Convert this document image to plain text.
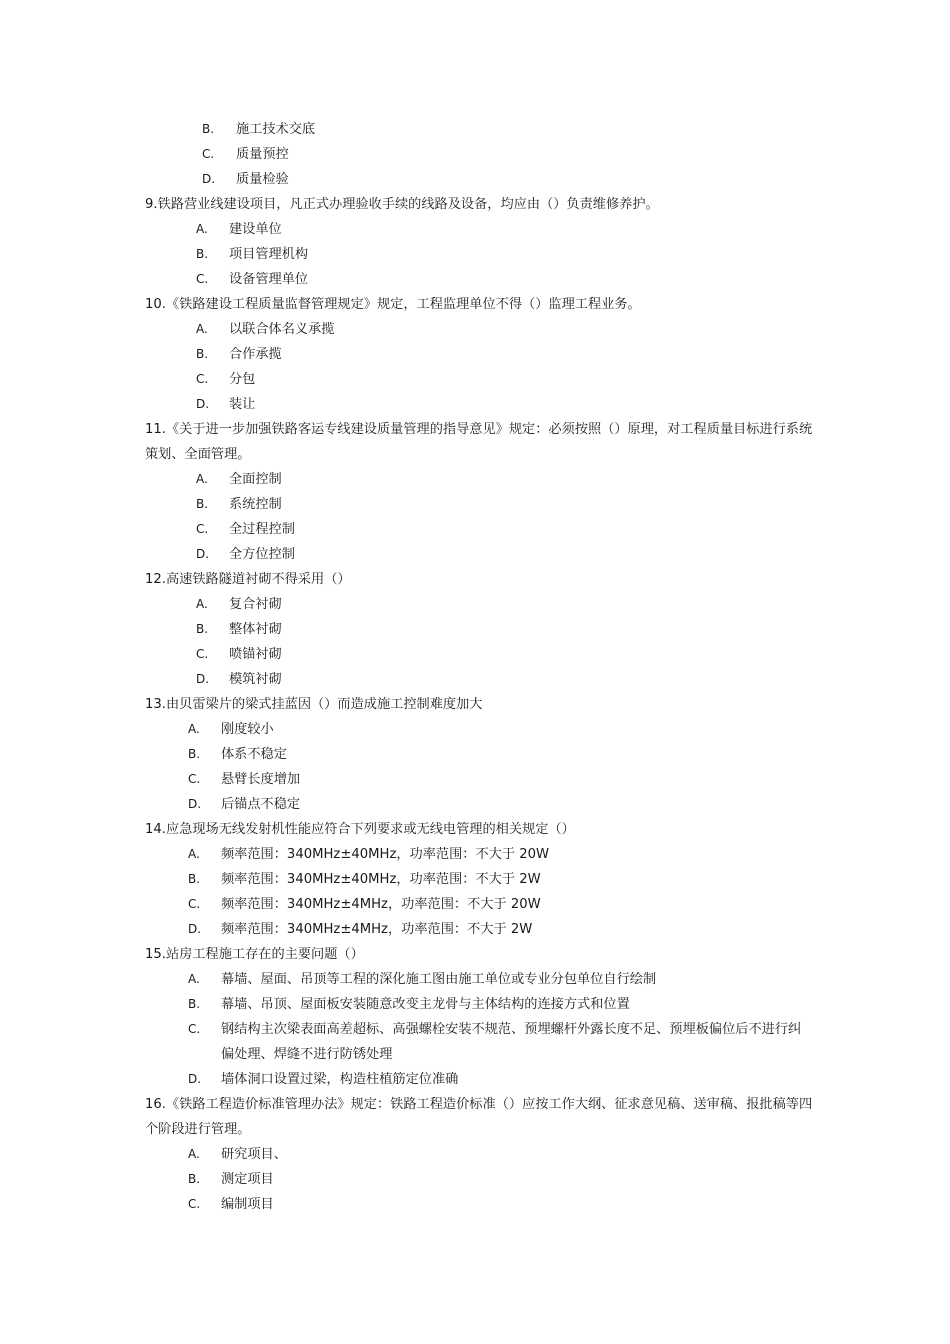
B.	施工技术交底
C.	质量预控
D.	质量检验
9.铁路营业线建设项目，凡正式办理验收手续的线路及设备，均应由（）负责维修养护。
A.	建设单位
B.	项目管理机构
C.	设备管理单位
10.《铁路建设工程质量监督管理规定》规定，工程监理单位不得（）监理工程业务。
A.	以联合体名义承揽
B.	合作承揽
C.	分包
D.	装让
11.《关于进一步加强铁路客运专线建设质量管理的指导意见》规定：必须按照（）原理，对工程质量目标进行系统策划、全面管理。
A.	全面控制
B.	系统控制
C.	全过程控制
D.	全方位控制
12.高速铁路隧道衬砌不得采用（）
A.	复合衬砌
B.	整体衬砌
C.	喷锚衬砌
D.	模筑衬砌
13.由贝雷梁片的梁式挂蓝因（）而造成施工控制难度加大
A.	刚度较小
B.	体系不稳定
C.	悬臂长度增加
D.	后锚点不稳定
14.应急现场无线发射机性能应符合下列要求或无线电管理的相关规定（）
A.	频率范围：340MHz±40MHz，功率范围：不大于 20W
B.	频率范围：340MHz±40MHz，功率范围：不大于 2W
C.	频率范围：340MHz±4MHz，功率范围：不大于 20W
D.	频率范围：340MHz±4MHz，功率范围：不大于 2W
15.站房工程施工存在的主要问题（）
A.	幕墙、屋面、吊顶等工程的深化施工图由施工单位或专业分包单位自行绘制
B.	幕墙、吊顶、屋面板安装随意改变主龙骨与主体结构的连接方式和位置
C.	钢结构主次梁表面高差超标、高强螺栓安装不规范、预埋螺杆外露长度不足、预埋板偏位后不进行纠偏处理、焊缝不进行防锈处理
D.	墙体洞口设置过梁，构造柱植筋定位准确
16.《铁路工程造价标准管理办法》规定：铁路工程造价标准（）应按工作大纲、征求意见稿、送审稿、报批稿等四个阶段进行管理。
A.	研究项目、
B.	测定项目
C.	编制项目
